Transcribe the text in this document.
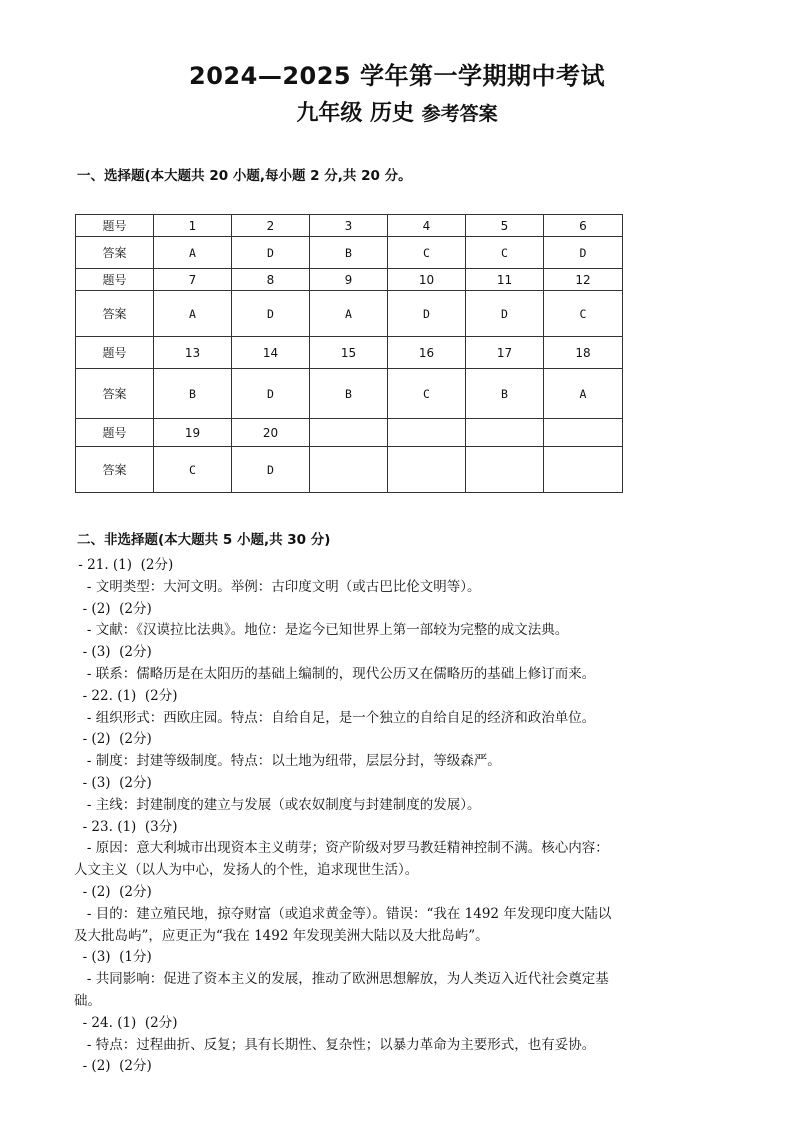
2024—2025 学年第一学期期中考试
九年级 历史 参考答案
一、选择题(本大题共 20 小题,每小题 2 分,共 20 分。
题号	1	2	3	4	5	6
答案	A	D	B	C	C	D
题号	7	8	9	10	11	12
答案	A	D	A	D	D	C
题号	13	14	15	16	17	18
答案	B	D	B	C	B	A
题号	19	20				
答案	C	D				
二、非选择题(本大题共 5 小题,共 30 分)
- 21. (1)  (2分)
- 文明类型：大河文明。举例：古印度文明（或古巴比伦文明等）。
- (2)  (2分)
- 文献：《汉谟拉比法典》。地位：是迄今已知世界上第一部较为完整的成文法典。
- (3)  (2分)
- 联系：儒略历是在太阳历的基础上编制的，现代公历又在儒略历的基础上修订而来。
- 22. (1)  (2分)
- 组织形式：西欧庄园。特点：自给自足，是一个独立的自给自足的经济和政治单位。
- (2)  (2分)
- 制度：封建等级制度。特点：以土地为纽带，层层分封，等级森严。
- (3)  (2分)
- 主线：封建制度的建立与发展（或农奴制度与封建制度的发展）。
- 23. (1)  (3分)
- 原因：意大利城市出现资本主义萌芽；资产阶级对罗马教廷精神控制不满。核心内容：
人文主义（以人为中心，发扬人的个性，追求现世生活）。
- (2)  (2分)
- 目的：建立殖民地，掠夺财富（或追求黄金等）。错误：“我在 1492 年发现印度大陆以
及大批岛屿”，应更正为“我在 1492 年发现美洲大陆以及大批岛屿”。
- (3)  (1分)
- 共同影响：促进了资本主义的发展，推动了欧洲思想解放，为人类迈入近代社会奠定基
础。
- 24. (1)  (2分)
- 特点：过程曲折、反复；具有长期性、复杂性；以暴力革命为主要形式，也有妥协。
- (2)  (2分)
